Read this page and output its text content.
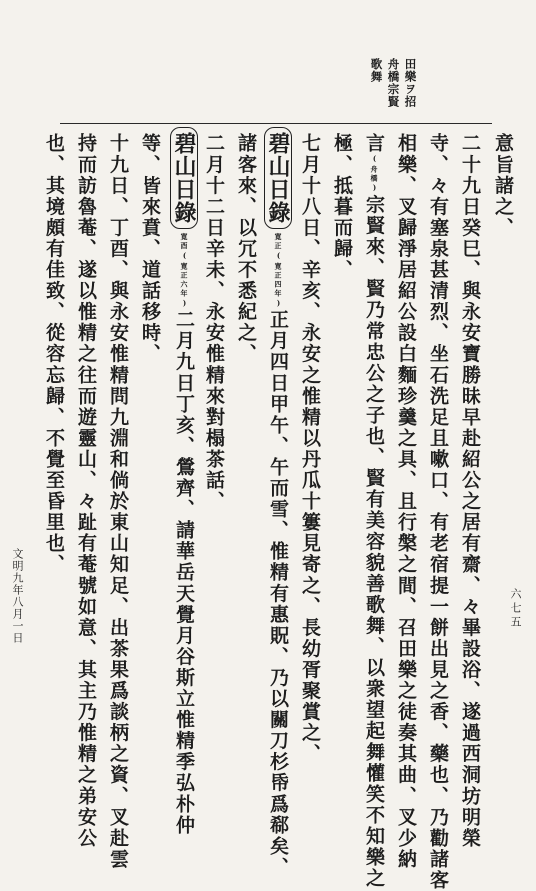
田樂ヲ招
舟橋宗賢
歌舞
意旨諸之、
二十九日癸巳、與永安寶勝昧早赴紹公之居有齋、々畢設浴、遂過西洞坊明榮
寺、々有塞泉甚清烈、坐石洗足且嗽口、有老宿提一餅出見之香、藥也、乃勸諸客
相樂、叉歸淨居紹公設白麵珍羹之具、且行槃之間、召田樂之徒奏其曲、叉少納
言(舟橋)宗賢來、賢乃常忠公之子也、賢有美容貌善歌舞、以衆望起舞懽笑不知樂之
極、抵暮而歸、
七月十八日、辛亥、永安之惟精以丹瓜十簍見寄之、長幼胥聚賞之、
碧山日錄寛正(寛正四年)正月四日甲午、午而雪、惟精有惠貺、乃以關刀杉帋爲郗矣、
諸客來、以冗不悉紀之、
二月十二日辛未、永安惟精來對榻茶話、
碧山日錄寛酉(寛正六年)二月九日丁亥、鶯齊、請華岳天覺月谷斯立惟精季弘朴仲
等、皆來賁、道話移時、
十九日、丁酉、與永安惟精問九淵和倘於東山知足、出茶果爲談柄之資、叉赴雲
持而訪魯菴、遂以惟精之往而遊靈山、々趾有菴號如意、其主乃惟精之弟安公
也、其境頗有佳致、從容忘歸、不覺至昏里也、
文明九年八月一日	六七五
